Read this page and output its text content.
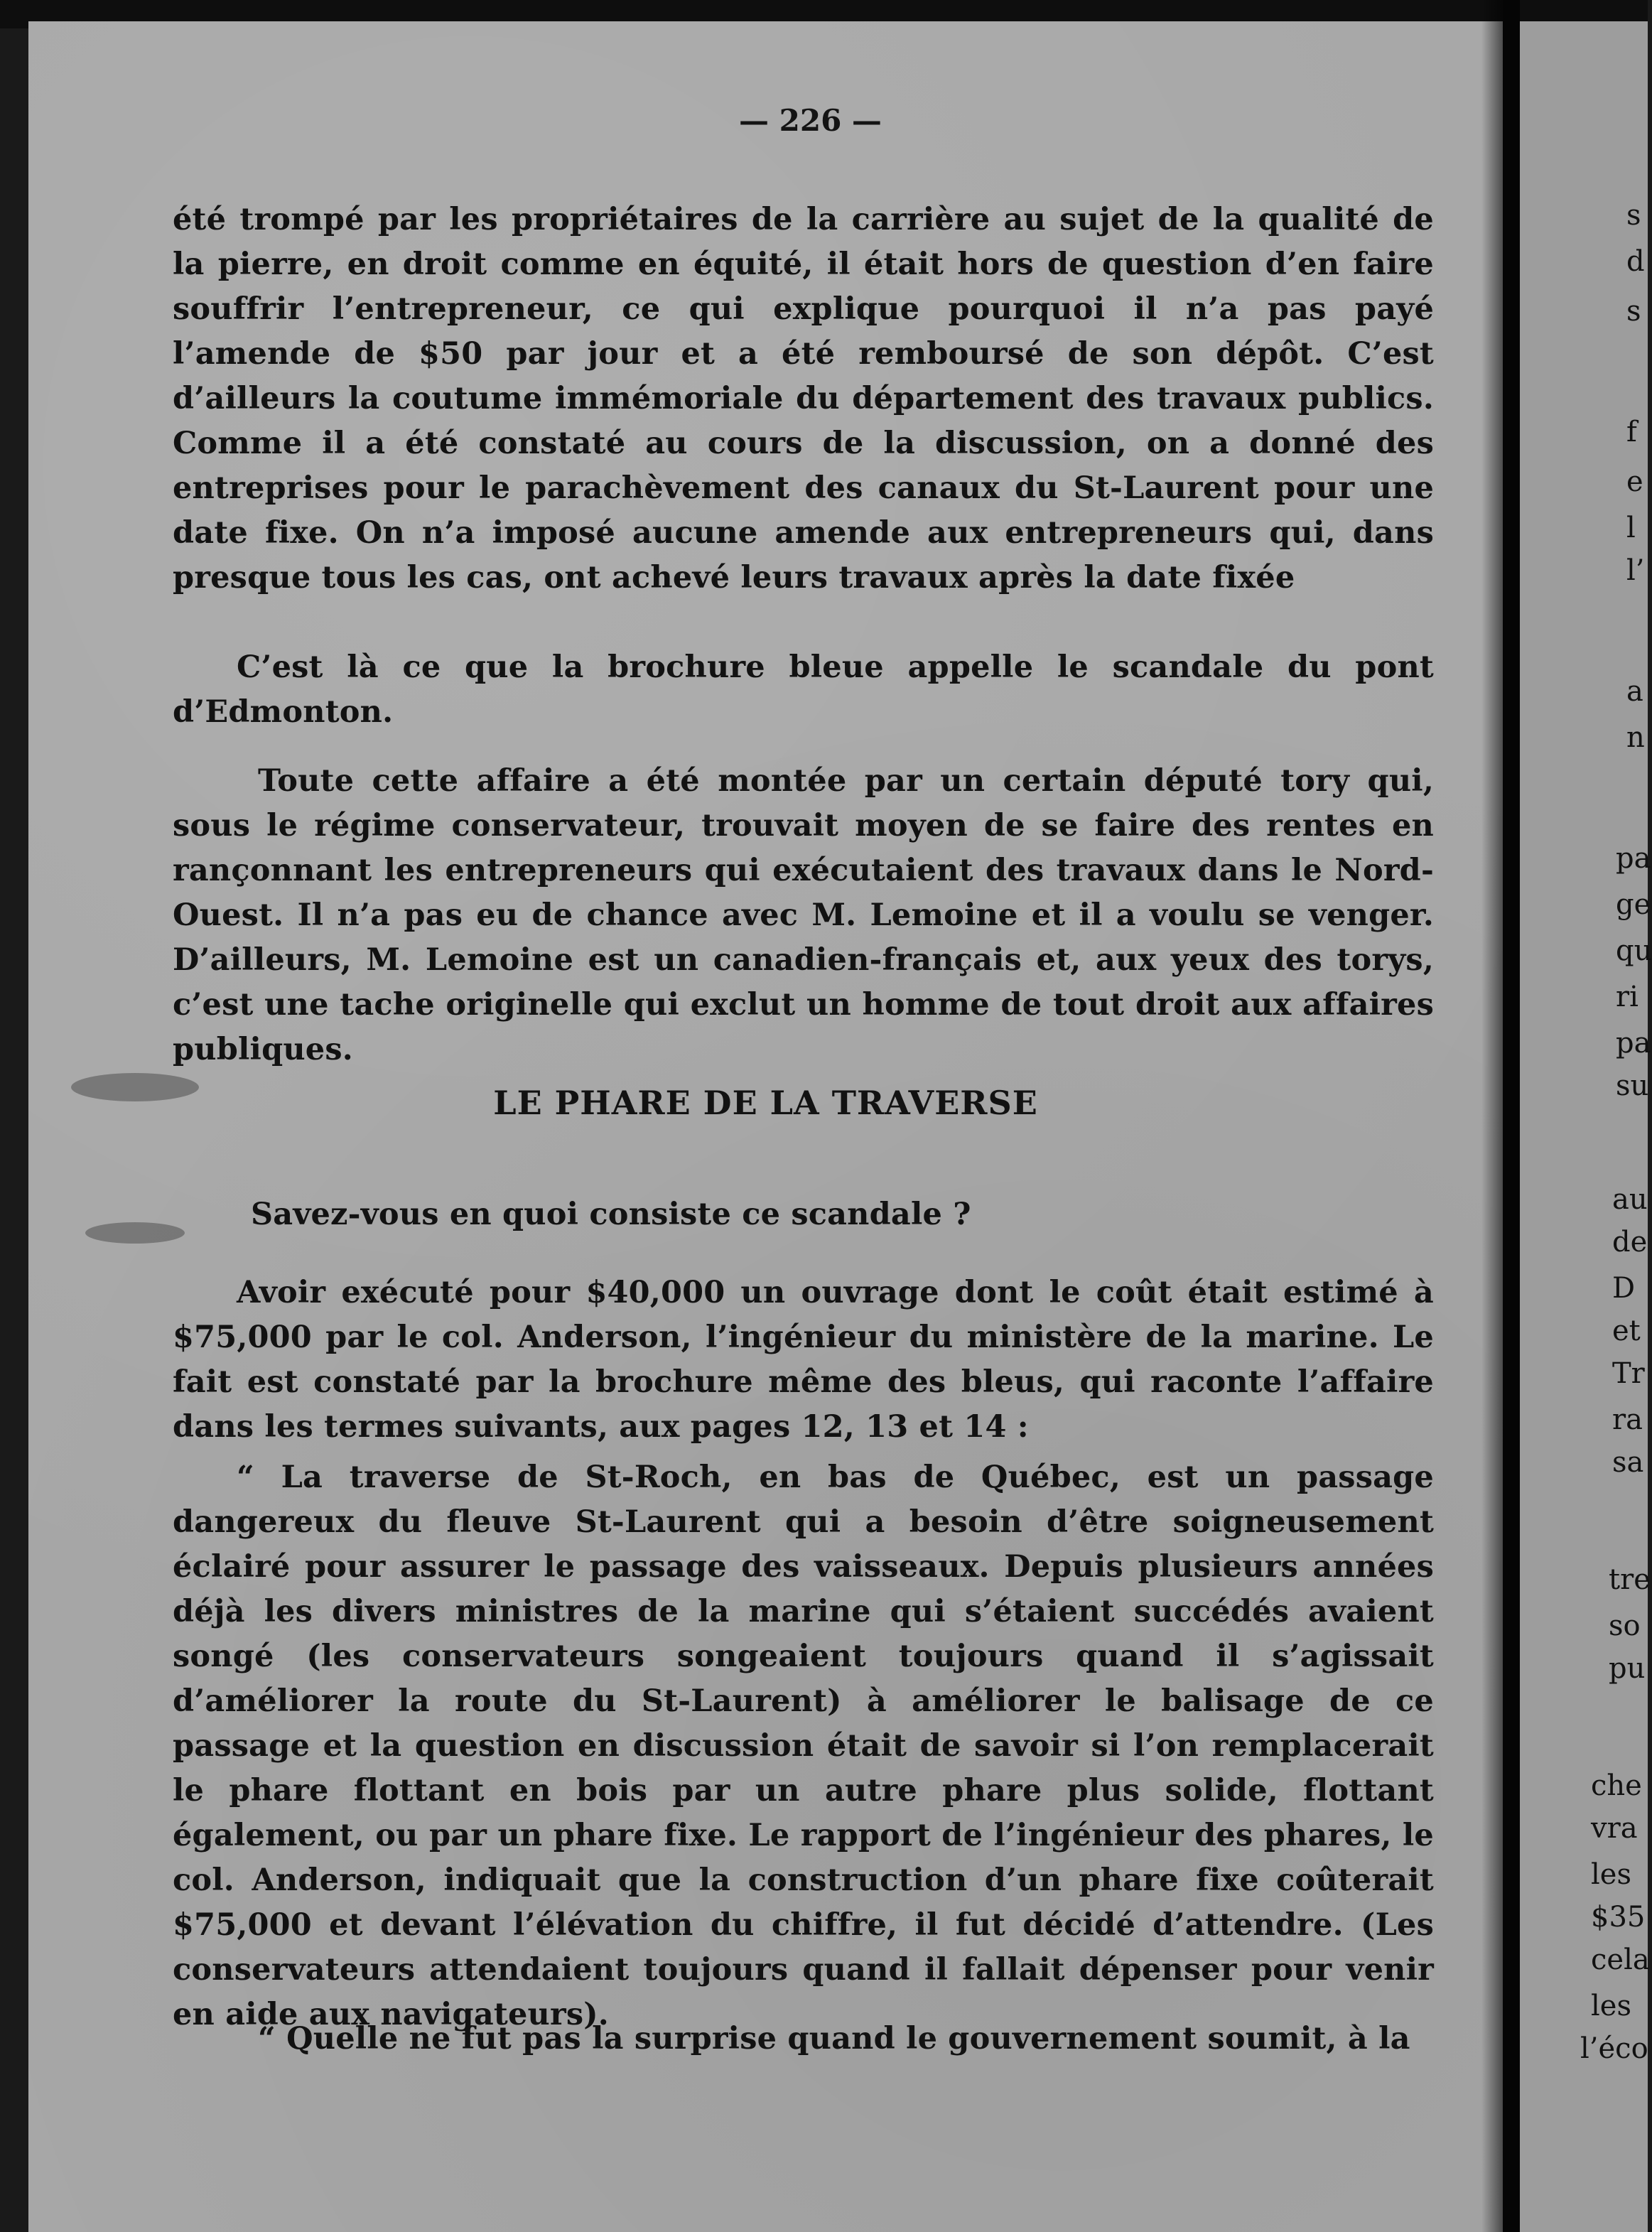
— 226 —

été trompé par les propriétaires de la carrière au sujet de la qualité de la pierre, en droit comme en équité, il était hors de question d’en faire souffrir l’entrepreneur, ce qui explique pourquoi il n’a pas payé l’amende de $50 par jour et a été remboursé de son dépôt. C’est d’ailleurs la coutume immémoriale du département des travaux publics. Comme il a été constaté au cours de la discussion, on a donné des entreprises pour le parachèvement des canaux du St-Laurent pour une date fixe. On n’a imposé aucune amende aux entrepreneurs qui, dans presque tous les cas, ont achevé leurs travaux après la date fixée

C’est là ce que la brochure bleue appelle le scandale du pont d’Edmonton.

Toute cette affaire a été montée par un certain député tory qui, sous le régime conservateur, trouvait moyen de se faire des rentes en rançonnant les entrepreneurs qui exécutaient des travaux dans le Nord-Ouest. Il n’a pas eu de chance avec M. Lemoine et il a voulu se venger. D’ailleurs, M. Lemoine est un canadien-français et, aux yeux des torys, c’est une tache originelle qui exclut un homme de tout droit aux affaires publiques.

LE PHARE DE LA TRAVERSE

Savez-vous en quoi consiste ce scandale ?

Avoir exécuté pour $40,000 un ouvrage dont le coût était estimé à $75,000 par le col. Anderson, l’ingénieur du ministère de la marine. Le fait est constaté par la brochure même des bleus, qui raconte l’affaire dans les termes suivants, aux pages 12, 13 et 14 :

“ La traverse de St-Roch, en bas de Québec, est un passage dangereux du fleuve St-Laurent qui a besoin d’être soigneusement éclairé pour assurer le passage des vaisseaux. Depuis plusieurs années déjà les divers ministres de la marine qui s’étaient succédés avaient songé (les conservateurs songeaient toujours quand il s’agissait d’améliorer la route du St-Laurent) à améliorer le balisage de ce passage et la question en discussion était de savoir si l’on remplacerait le phare flottant en bois par un autre phare plus solide, flottant également, ou par un phare fixe. Le rapport de l’ingénieur des phares, le col. Anderson, indiquait que la construction d’un phare fixe coûterait $75,000 et devant l’élévation du chiffre, il fut décidé d’attendre. (Les conservateurs attendaient toujours quand il fallait dépenser pour venir en aide aux navigateurs).

“ Quelle ne fut pas la surprise quand le gouvernement soumit, à la

s
d
s
f
e
l
l’
a
n
pa
ge
qu
ri
pa
su
au
de
D
et
Tr
ra
sa
tre
so
pu
che
vra
les
$35
cela
les
l’éco
